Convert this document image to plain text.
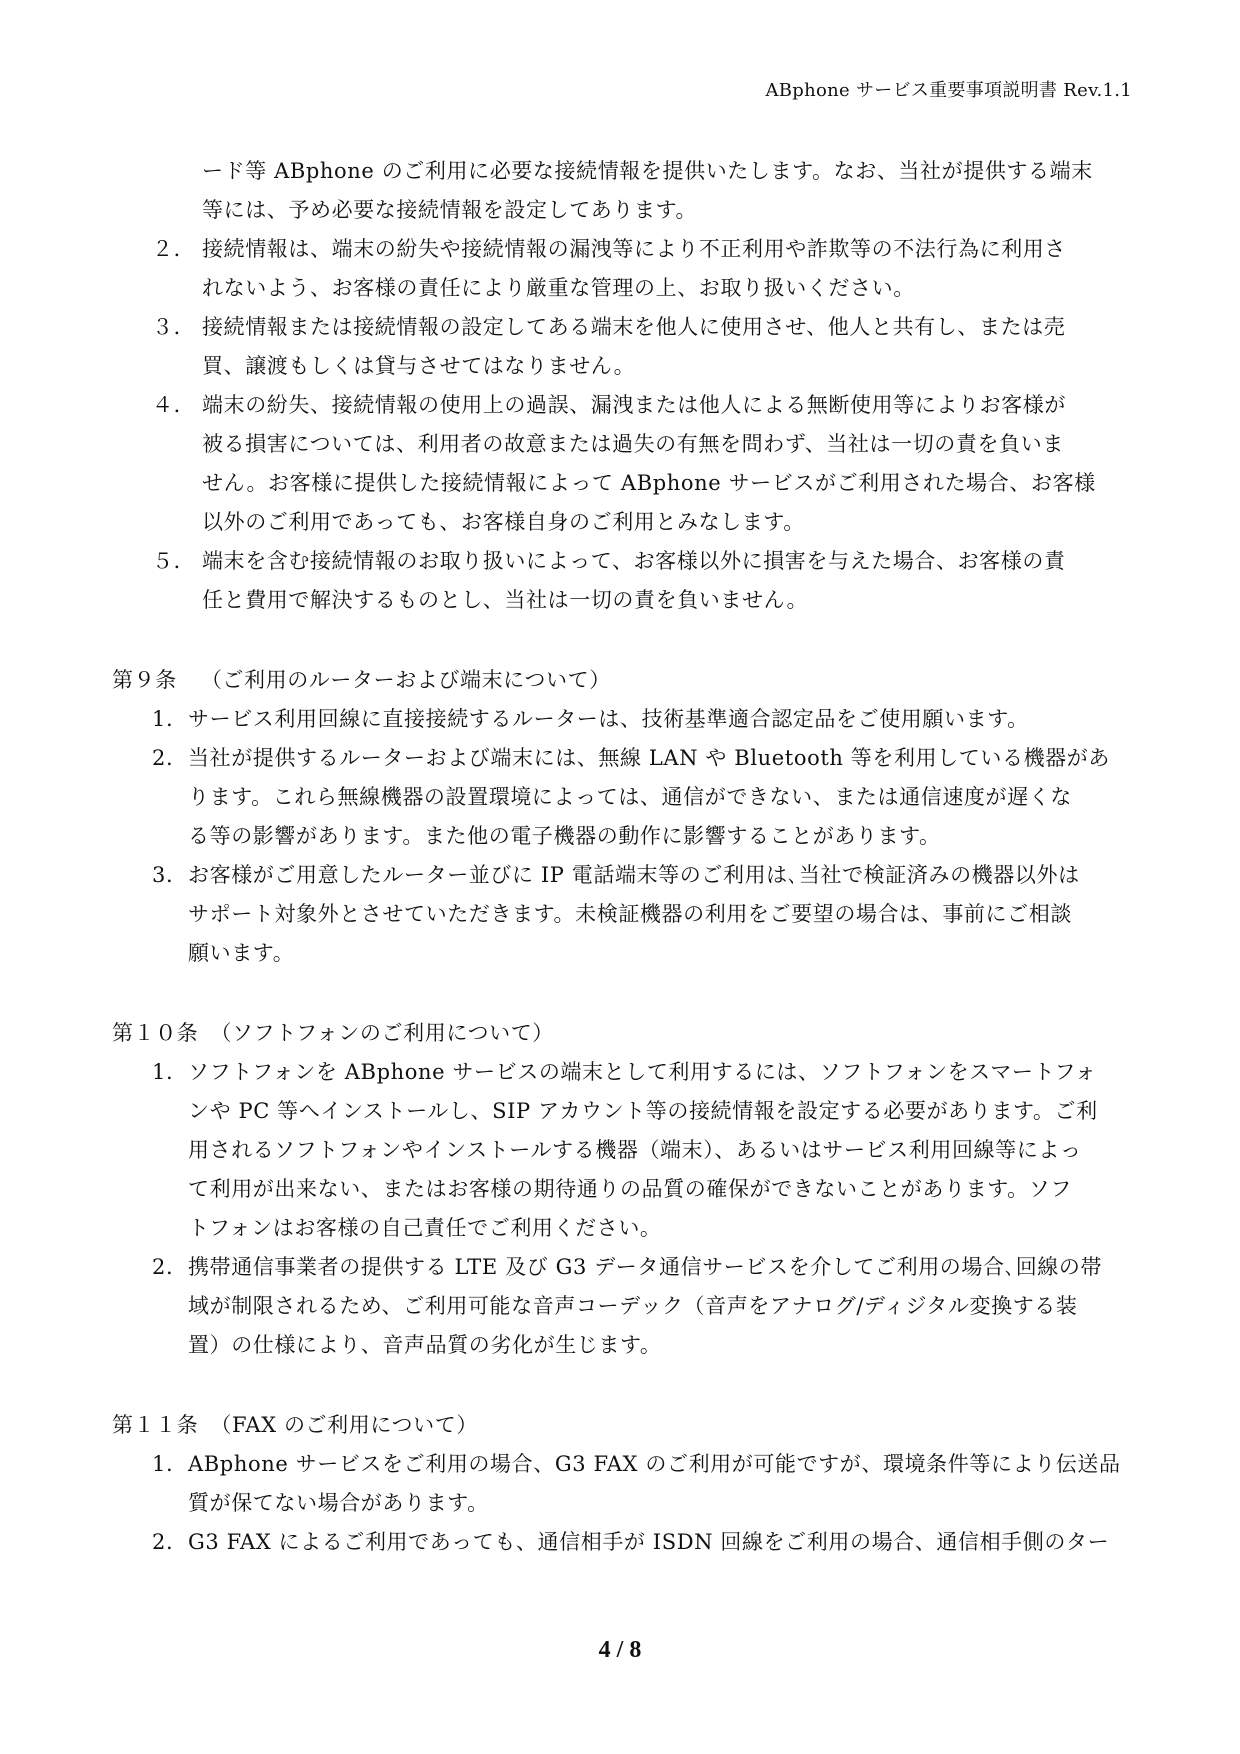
ABphone サービス重要事項説明書 Rev.1.1
ード等 ABphone のご利用に必要な接続情報を提供いたします。なお、当社が提供する端末
等には、予め必要な接続情報を設定してあります。
２． 接続情報は、端末の紛失や接続情報の漏洩等により不正利用や詐欺等の不法行為に利用さ
れないよう、お客様の責任により厳重な管理の上、お取り扱いください。
３． 接続情報または接続情報の設定してある端末を他人に使用させ、他人と共有し、または売
買、譲渡もしくは貸与させてはなりません。
４． 端末の紛失、接続情報の使用上の過誤、漏洩または他人による無断使用等によりお客様が
被る損害については、利用者の故意または過失の有無を問わず、当社は一切の責を負いま
せん。お客様に提供した接続情報によって ABphone サービスがご利用された場合、お客様
以外のご利用であっても、お客様自身のご利用とみなします。
５． 端末を含む接続情報のお取り扱いによって、お客様以外に損害を与えた場合、お客様の責
任と費用で解決するものとし、当社は一切の責を負いません。
第９条 （ご利用のルーターおよび端末について）
1. サービス利用回線に直接接続するルーターは、技術基準適合認定品をご使用願います。
2. 当社が提供するルーターおよび端末には、無線 LAN や Bluetooth 等を利用している機器があ
ります。これら無線機器の設置環境によっては、通信ができない、または通信速度が遅くな
る等の影響があります。また他の電子機器の動作に影響することがあります。
3. お客様がご用意したルーター並びに IP 電話端末等のご利用は､当社で検証済みの機器以外は
サポート対象外とさせていただきます。未検証機器の利用をご要望の場合は、事前にご相談
願います。
第１０条 （ソフトフォンのご利用について）
1. ソフトフォンを ABphone サービスの端末として利用するには、ソフトフォンをスマートフォ
ンや PC 等へインストールし、SIP アカウント等の接続情報を設定する必要があります。ご利
用されるソフトフォンやインストールする機器（端末）、あるいはサービス利用回線等によっ
て利用が出来ない、またはお客様の期待通りの品質の確保ができないことがあります。ソフ
トフォンはお客様の自己責任でご利用ください。
2. 携帯通信事業者の提供する LTE 及び G3 データ通信サービスを介してご利用の場合､回線の帯
域が制限されるため、ご利用可能な音声コーデック（音声をアナログ/ディジタル変換する装
置）の仕様により、音声品質の劣化が生じます。
第１１条 （FAX のご利用について）
1. ABphone サービスをご利用の場合、G3 FAX のご利用が可能ですが、環境条件等により伝送品
質が保てない場合があります。
2. G3 FAX によるご利用であっても、通信相手が ISDN 回線をご利用の場合、通信相手側のター
4 / 8
